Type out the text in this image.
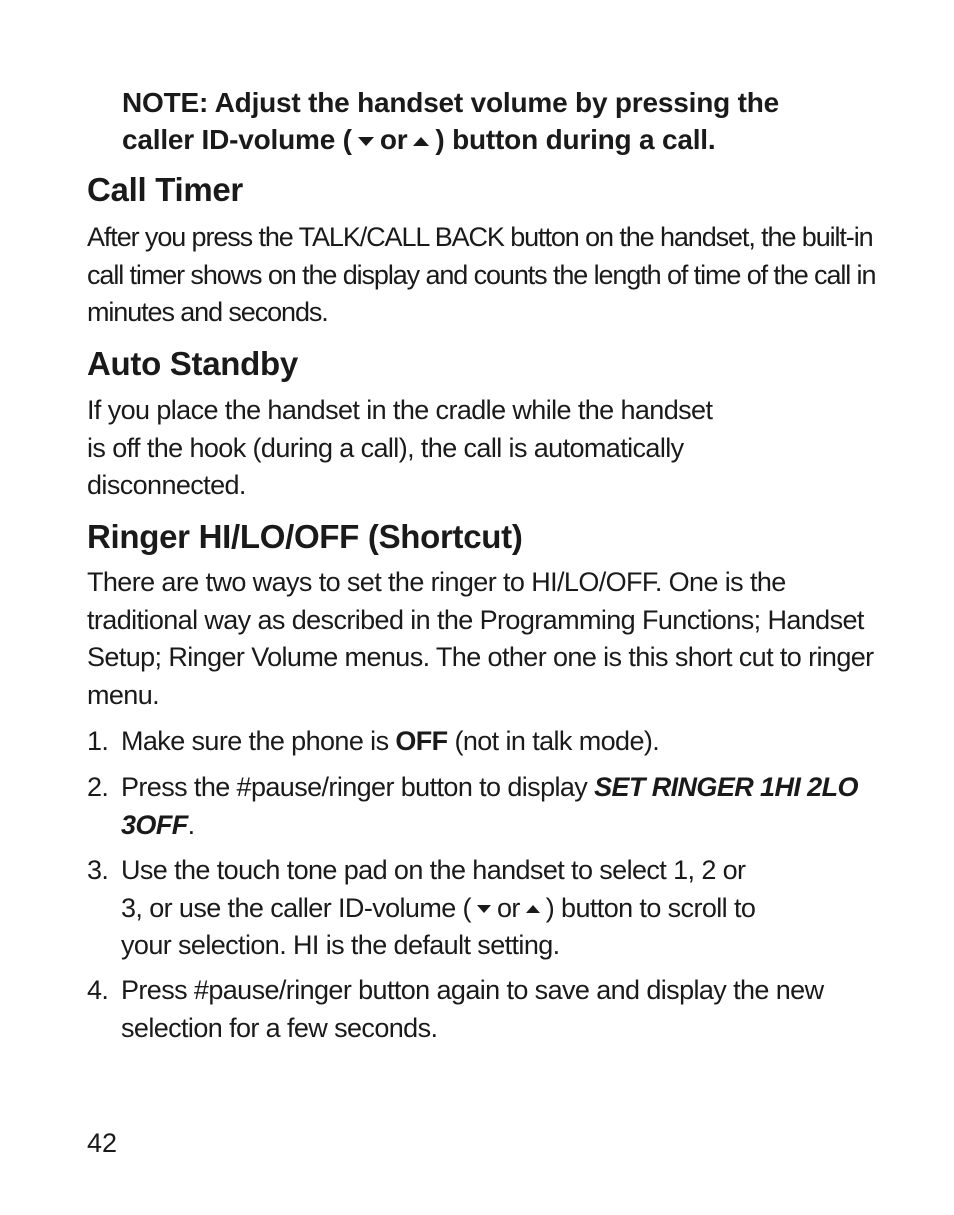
NOTE: Adjust the handset volume by pressing the
caller ID-volume ( or ) button during a call.
Call Timer

After you press the TALK/CALL BACK button on the handset, the built-in call timer shows on the display and counts the length of time of the call in minutes and seconds.

Auto Standby
If you place the handset in the cradle while the handset
is off the hook (during a call), the call is automatically
disconnected.
Ringer HI/LO/OFF (Shortcut)

There are two ways to set the ringer to HI/LO/OFF. One is the traditional way as described in the Programming Functions; Handset Setup; Ringer Volume menus. The other one is this short cut to ringer menu.

1. Make sure the phone is OFF (not in talk mode).
2. Press the #pause/ringer button to display SET RINGER 1HI 2LO 3OFF.
3. Use the touch tone pad on the handset to select 1, 2 or
3, or use the caller ID-volume ( or ) button to scroll to
your selection. HI is the default setting.
4. Press #pause/ringer button again to save and display the new selection for a few seconds.
42
